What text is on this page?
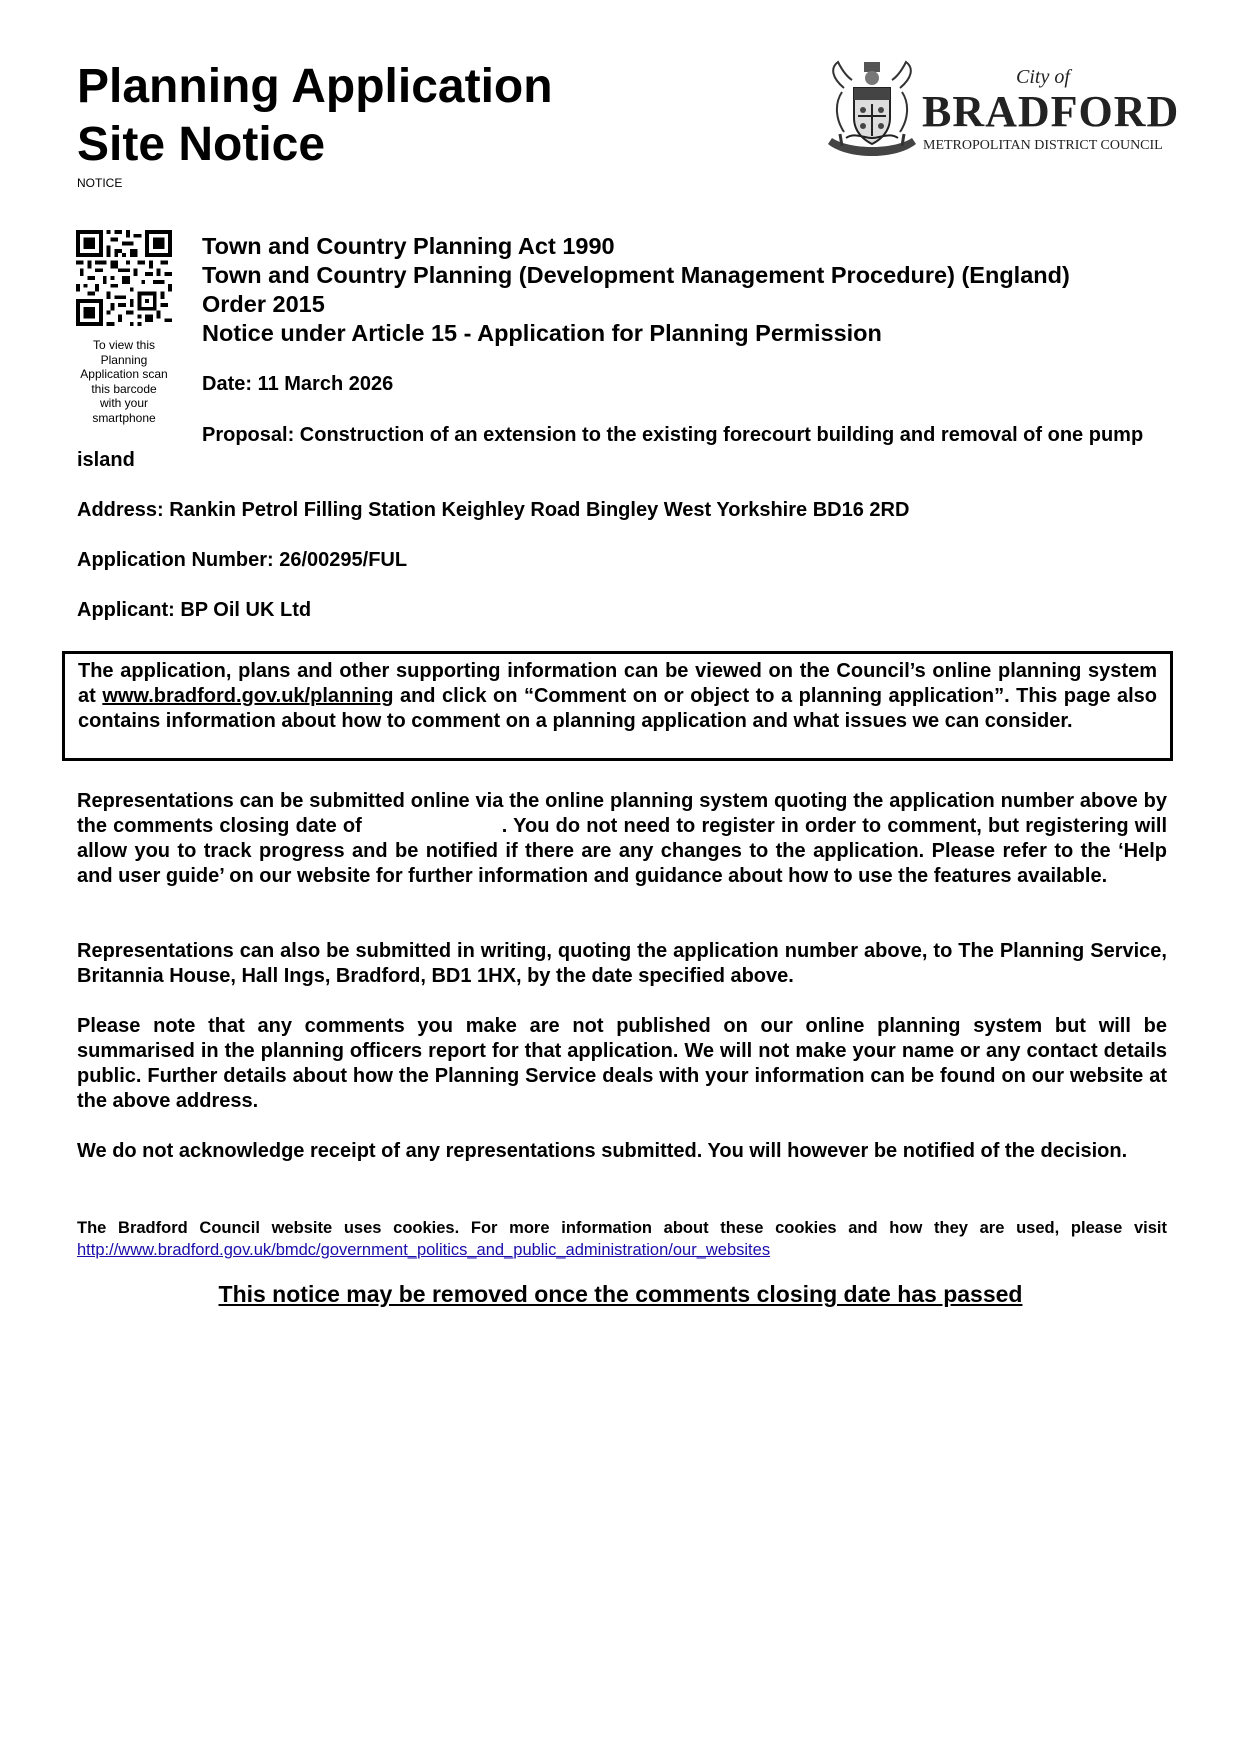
Planning Application
Site Notice
NOTICE
City of
BRADFORD
METROPOLITAN DISTRICT COUNCIL
To view this
Planning
Application scan
this barcode
with your
smartphone
Town and Country Planning Act 1990
Town and Country Planning (Development Management Procedure) (England)
Order 2015
Notice under Article 15 - Application for Planning Permission
Date: 11 March 2026
Proposal: Construction of an extension to the existing forecourt building and removal of one pump island
Address: Rankin Petrol Filling Station Keighley Road Bingley West Yorkshire BD16 2RD
Application Number: 26/00295/FUL
Applicant: BP Oil UK Ltd
The application, plans and other supporting information can be viewed on the Council’s online planning system at www.bradford.gov.uk/planning and click on “Comment on or object to a planning application”. This page also contains information about how to comment on a planning application and what issues we can consider.
Representations can be submitted online via the online planning system quoting the application number above by the comments closing date of	. You do not need to register in order to comment, but registering will allow you to track progress and be notified if there are any changes to the application. Please refer to the ‘Help and user guide’ on our website for further information and guidance about how to use the features available.
Representations can also be submitted in writing, quoting the application number above, to The Planning Service, Britannia House, Hall Ings, Bradford, BD1 1HX, by the date specified above.
Please note that any comments you make are not published on our online planning system but will be summarised in the planning officers report for that application. We will not make your name or any contact details public. Further details about how the Planning Service deals with your information can be found on our website at the above address.
We do not acknowledge receipt of any representations submitted. You will however be notified of the decision.
The Bradford Council website uses cookies. For more information about these cookies and how they are used, please visit http://www.bradford.gov.uk/bmdc/government_politics_and_public_administration/our_websites
This notice may be removed once the comments closing date has passed
